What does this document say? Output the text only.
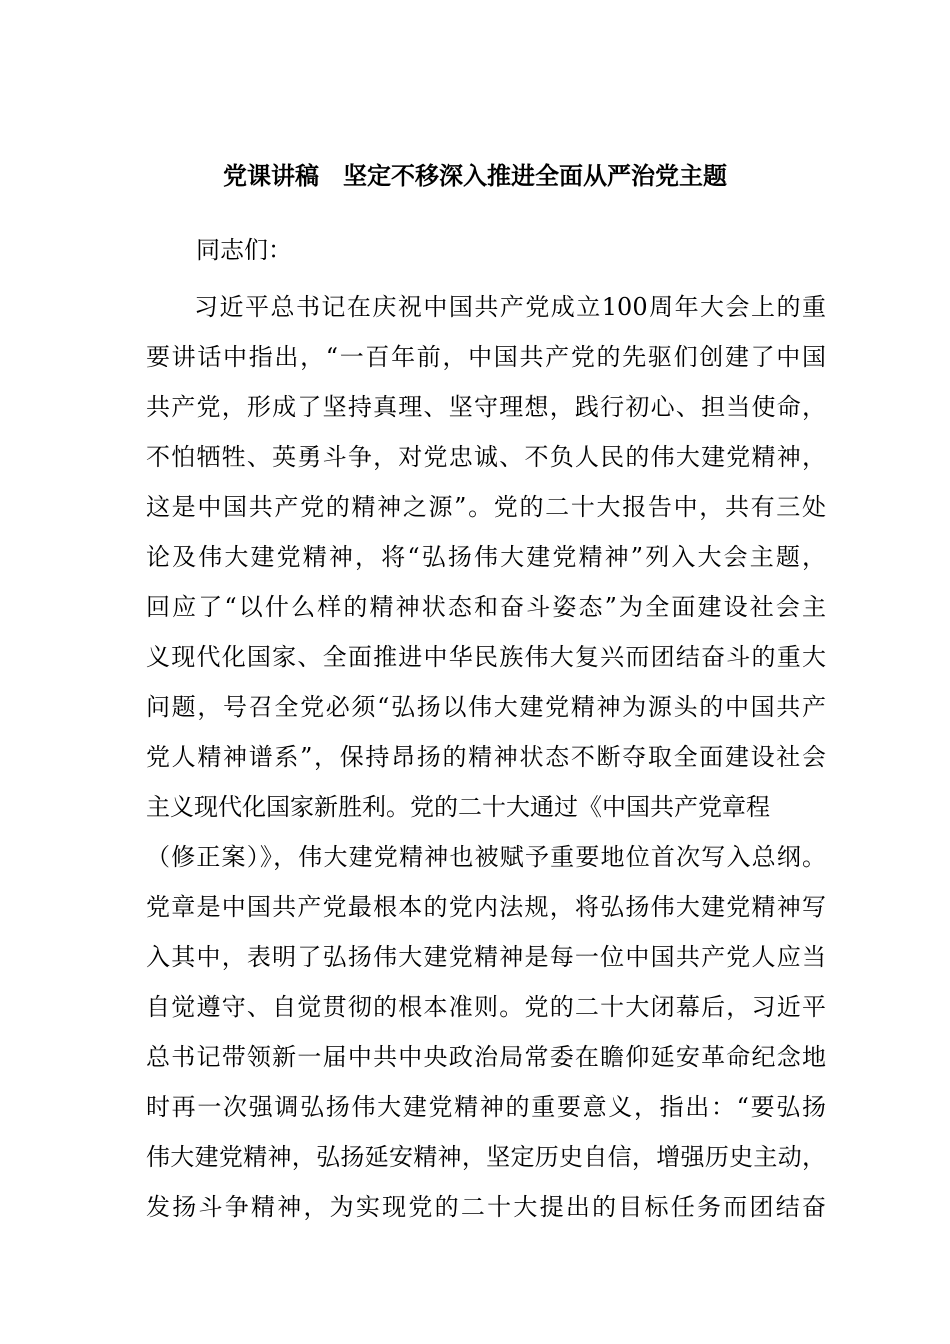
党课讲稿　坚定不移深入推进全面从严治党主题
同志们：
习近平总书记在庆祝中国共产党成立100周年大会上的重
要讲话中指出，“一百年前，中国共产党的先驱们创建了中国
共产党，形成了坚持真理、坚守理想，践行初心、担当使命，
不怕牺牲、英勇斗争，对党忠诚、不负人民的伟大建党精神，
这是中国共产党的精神之源”。党的二十大报告中，共有三处
论及伟大建党精神，将“弘扬伟大建党精神”列入大会主题，
回应了“以什么样的精神状态和奋斗姿态”为全面建设社会主
义现代化国家、全面推进中华民族伟大复兴而团结奋斗的重大
问题，号召全党必须“弘扬以伟大建党精神为源头的中国共产
党人精神谱系”，保持昂扬的精神状态不断夺取全面建设社会
主义现代化国家新胜利。党的二十大通过《中国共产党章程
（修正案）》，伟大建党精神也被赋予重要地位首次写入总纲。
党章是中国共产党最根本的党内法规，将弘扬伟大建党精神写
入其中，表明了弘扬伟大建党精神是每一位中国共产党人应当
自觉遵守、自觉贯彻的根本准则。党的二十大闭幕后，习近平
总书记带领新一届中共中央政治局常委在瞻仰延安革命纪念地
时再一次强调弘扬伟大建党精神的重要意义，指出：“要弘扬
伟大建党精神，弘扬延安精神，坚定历史自信，增强历史主动，
发扬斗争精神，为实现党的二十大提出的目标任务而团结奋
